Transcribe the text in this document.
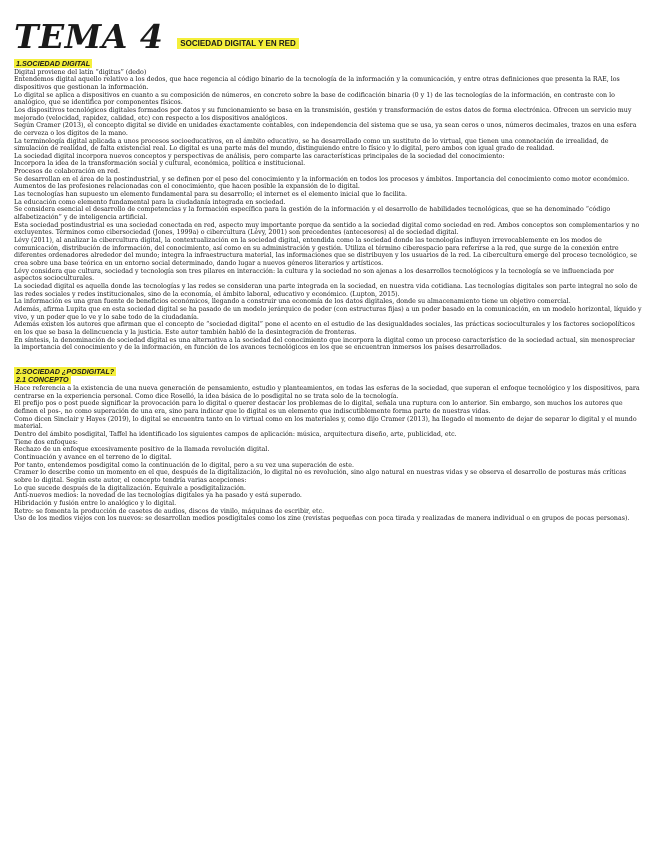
TEMA 4	SOCIEDAD DIGITAL Y EN RED
1.SOCIEDAD DIGITAL

Digital proviene del latín “digitus” (dedo)

Entendemos digital aquello relativo a los dedos, que hace regencia al código binario de la tecnología de la información y la comunicación, y entre otras definiciones que presenta la RAE, los dispositivos que gestionan la información.

Lo digital se aplica a dispositivos en cuanto a su composición de números, en concreto sobre la base de codificación binaria (0 y 1) de las tecnologías de la información, en contraste con lo analógico, que se identifica por componentes físicos.

Los dispositivos tecnológicos digitales formados por datos y su funcionamiento se basa en la transmisión, gestión y transformación de estos datos de forma electrónica. Ofrecen un servicio muy mejorado (velocidad, rapidez, calidad, etc) con respecto a los dispositivos analógicos.

Según Cramer (2013), el concepto digital se divide en unidades exactamente contables, con independencia del sistema que se usa, ya sean ceros o unos, números decimales, trazos en una esfera de cerveza o los dígitos de la mano.

La terminología digital aplicada a unos procesos socioeducativos, en el ámbito educativo, se ha desarrollado como un sustituto de lo virtual, que tienen una connotación de irrealidad, de simulación de realidad, de falta existencial real. Lo digital es una parte más del mundo, distinguiendo entre lo físico y lo digital, pero ambos con igual grado de realidad.

La sociedad digital incorpora nuevos conceptos y perspectivas de análisis, pero comparte las características principales de la sociedad del conocimiento:

Incorpora la idea de la transformación social y cultural, económica, política e institucional.

Procesos de colaboración en red.

Se desarrollan en el área de la postindustrial, y se definen por el peso del conocimiento y la información en todos los procesos y ámbitos. Importancia del conocimiento como motor económico.

Aumentos de las profesiones relacionadas con el conocimiento, que hacen posible la expansión de lo digital.

Las tecnologías han supuesto un elemento fundamental para su desarrollo; el internet es el elemento inicial que lo facilita.

La educación como elemento fundamental para la ciudadanía integrada en sociedad.

Se considera esencial el desarrollo de competencias y la formación específica para la gestión de la información y el desarrollo de habilidades tecnológicas, que se ha denominado “código alfabetización” y de inteligencia artificial.

Esta sociedad postindustrial es una sociedad conectada en red, aspecto muy importante porque da sentido a la sociedad digital como sociedad en red. Ambos conceptos son complementarios y no excluyentes. Términos como cibersociedad (Jones, 1999a) o cibercultura (Lévy, 2001) son precedentes (antecesores) al de sociedad digital.

Lévy (2011), al analizar la cibercultura digital, la contextualización en la sociedad digital, entendida como la sociedad donde las tecnologías influyen irrevocablemente en los modos de comunicación, distribución de información, del conocimiento, así como en su administración y gestión. Utiliza el término ciberespacio para referirse a la red, que surge de la conexión entre diferentes ordenadores alrededor del mundo; integra la infraestructura material, las informaciones que se distribuyen y los usuarios de la red. La cibercultura emerge del proceso tecnológico, se crea sobre una base teórica en un entorno social determinado, dando lugar a nuevos géneros literarios y artísticos.

Lévy considera que cultura, sociedad y tecnología son tres pilares en interacción: la cultura y la sociedad no son ajenas a los desarrollos tecnológicos y la tecnología se ve influenciada por aspectos socioculturales.

La sociedad digital es aquella donde las tecnologías y las redes se consideran una parte integrada en la sociedad, en nuestra vida cotidiana. Las tecnologías digitales son parte integral no solo de las redes sociales y redes institucionales, sino de la economía, el ámbito laboral, educativo y económico. (Lupton, 2015).

La información es una gran fuente de beneficios económicos, llegando a construir una economía de los datos digitales, donde su almacenamiento tiene un objetivo comercial.

Además, afirma Lupita que en esta sociedad digital se ha pasado de un modelo jerárquico de poder (con estructuras fijas) a un poder basado en la comunicación, en un modelo horizontal, líquido y vivo, y un poder que lo ve y lo sabe todo de la ciudadanía.

Además existen los autores que afirman que el concepto de “sociedad digital” pone el acento en el estudio de las desigualdades sociales, las prácticas socioculturales y los factores sociopolíticos en los que se basa la delincuencia y la justicia. Este autor también habló de la desintegración de fronteras.

En síntesis, la denominación de sociedad digital es una alternativa a la sociedad del conocimiento que incorpora la digital como un proceso característico de la sociedad actual, sin menospreciar la importancia del conocimiento y de la información, en función de los avances tecnológicos en los que se encuentran inmersos los países desarrollados.

2.SOCIEDAD ¿POSDIGITAL?
2.1 CONCEPTO

Hace referencia a la existencia de una nueva generación de pensamiento, estudio y planteamientos, en todas las esferas de la sociedad, que superan el enfoque tecnológico y los dispositivos, para centrarse en la experiencia personal. Como dice Roselló, la idea básica de lo posdigital no se trata solo de la tecnología.

El prefijo pos o post puede significar la provocación para lo digital o querer destacar los problemas de lo digital, señala una ruptura con lo anterior. Sin embargo, son muchos los autores que definen el pos-, no como superación de una era, sino para indicar que lo digital es un elemento que indiscutiblemente forma parte de nuestras vidas.

Como dicen Sinclair y Hayes (2019), lo digital se encuentra tanto en lo virtual como en los materiales y, como dijo Cramer (2013), ha llegado el momento de dejar de separar lo digital y el mundo material.

Dentro del ámbito posdigital, Taffel ha identificado los siguientes campos de aplicación: música, arquitectura diseño, arte, publicidad, etc.

Tiene dos enfoques:

Rechazo de un enfoque excesivamente positivo de la llamada revolución digital.

Continuación y avance en el terreno de lo digital.

Por tanto, entendemos posdigital como la continuación de lo digital, pero a su vez una superación de este.

Cramer lo describe como un momento en el que, después de la digitalización, lo digital no es revolución, sino algo natural en nuestras vidas y se observa el desarrollo de posturas más críticas sobre lo digital. Según este autor, el concepto tendría varias acepciones:

Lo que sucede después de la digitalización. Equivale a posdigitalización.

Anti-nuevos medios: la novedad de las tecnologías digitales ya ha pasado y está superado.

Hibridación y fusión entre lo analógico y lo digital.

Retro: se fomenta la producción de casetes de audios, discos de vinilo, máquinas de escribir, etc.

Uso de los medios viejos con los nuevos: se desarrollan medios posdigitales como los zine (revistas pequeñas con poca tirada y realizadas de manera individual o en grupos de pocas personas).
